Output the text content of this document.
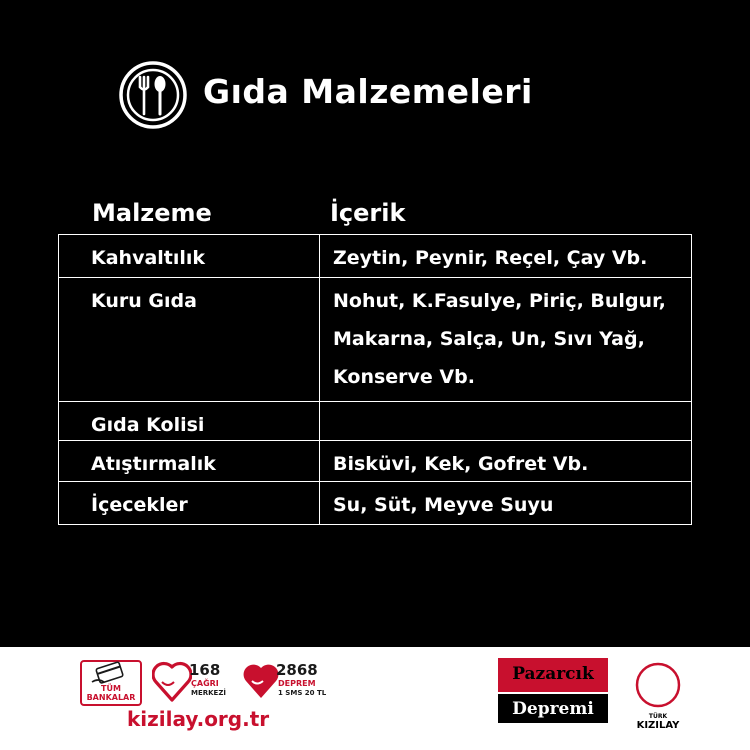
Gıda Malzemeleri
Malzeme	İçerik
Kahvaltılık	Zeytin, Peynir, Reçel, Çay Vb.
Kuru Gıda	Nohut, K.Fasulye, Piriç, Bulgur,
Makarna, Salça, Un, Sıvı Yağ,
Konserve Vb.
Gıda Kolisi
Atıştırmalık	Bisküvi, Kek, Gofret Vb.
İçecekler	Su, Süt, Meyve Suyu
TÜM
BANKALAR
168
ÇAĞRI
MERKEZİ
2868
DEPREM
1 SMS 20 TL
kizilay.org.tr
Pazarcık
Depremi	TÜRK
KIZILAY
